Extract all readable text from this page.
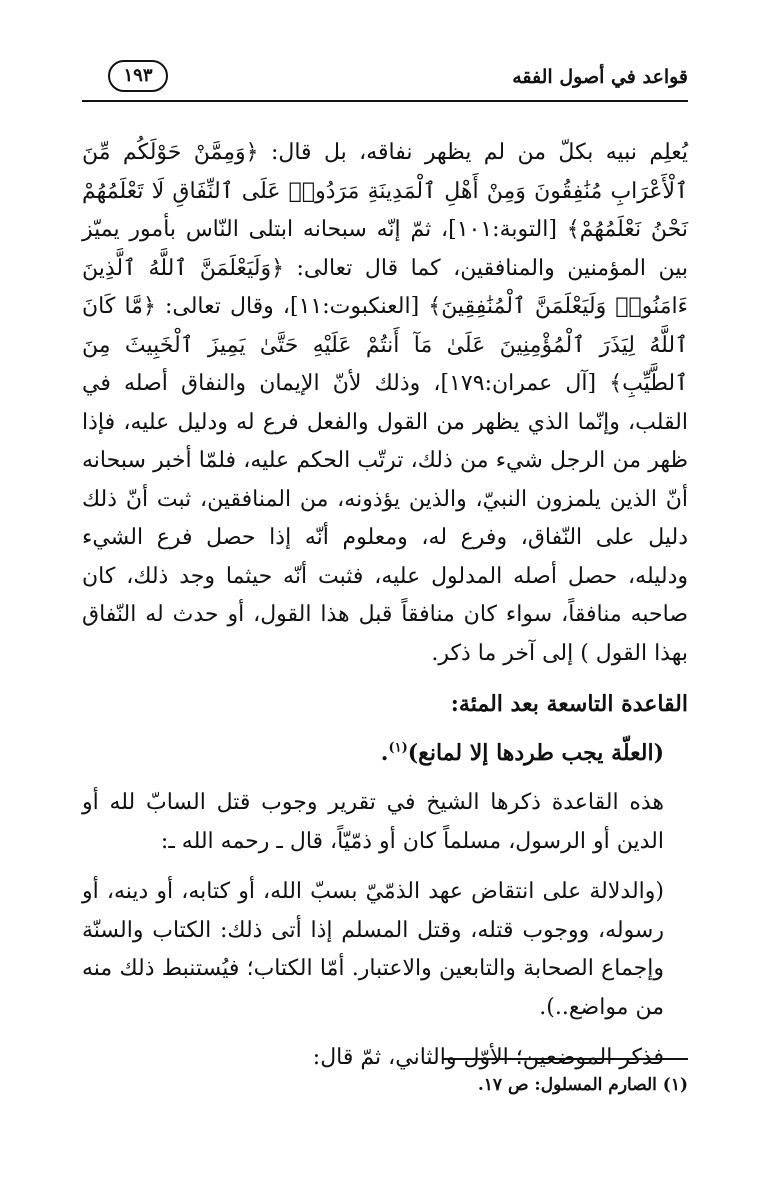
قواعد في أصول الفقه
١٩٣

يُعلِم نبيه بكلّ من لم يظهر نفاقه، بل قال: ﴿وَمِمَّنْ حَوْلَكُم مِّنَ ٱلْأَعْرَابِ مُنَٰفِقُونَ وَمِنْ أَهْلِ ٱلْمَدِينَةِ مَرَدُوا۟ عَلَى ٱلنِّفَاقِ لَا تَعْلَمُهُمْ نَحْنُ نَعْلَمُهُمْ﴾ [التوبة:١٠١]، ثمّ إنّه سبحانه ابتلى النّاس بأمور يميّز بين المؤمنين والمنافقين، كما قال تعالى: ﴿وَلَيَعْلَمَنَّ ٱللَّهُ ٱلَّذِينَ ءَامَنُوا۟ وَلَيَعْلَمَنَّ ٱلْمُنَٰفِقِينَ﴾ [العنكبوت:١١]، وقال تعالى: ﴿مَّا كَانَ ٱللَّهُ لِيَذَرَ ٱلْمُؤْمِنِينَ عَلَىٰ مَآ أَنتُمْ عَلَيْهِ حَتَّىٰ يَمِيزَ ٱلْخَبِيثَ مِنَ ٱلطَّيِّبِ﴾ [آل عمران:١٧٩]، وذلك لأنّ الإيمان والنفاق أصله في القلب، وإنّما الذي يظهر من القول والفعل فرع له ودليل عليه، فإذا ظهر من الرجل شيء من ذلك، ترتّب الحكم عليه، فلمّا أخبر سبحانه أنّ الذين يلمزون النبيّ، والذين يؤذونه، من المنافقين، ثبت أنّ ذلك دليل على النّفاق، وفرع له، ومعلوم أنّه إذا حصل فرع الشيء ودليله، حصل أصله المدلول عليه، فثبت أنّه حيثما وجد ذلك، كان صاحبه منافقاً، سواء كان منافقاً قبل هذا القول، أو حدث له النّفاق بهذا القول ) إلى آخر ما ذكر.

القاعدة التاسعة بعد المئة:

(العلّة يجب طردها إلا لمانع)$^{(١)}$.

هذه القاعدة ذكرها الشيخ في تقرير وجوب قتل السابّ لله أو الدين أو الرسول، مسلماً كان أو ذمّيّاً، قال ـ رحمه الله ـ:

(والدلالة على انتقاض عهد الذمّيّ بسبّ الله، أو كتابه، أو دينه، أو رسوله، ووجوب قتله، وقتل المسلم إذا أتى ذلك: الكتاب والسنّة وإجماع الصحابة والتابعين والاعتبار. أمّا الكتاب؛ فيُستنبط ذلك منه من مواضع..).

فذكر الموضعين؛ الأوّل والثاني، ثمّ قال:

(١) الصارم المسلول: ص ١٧.
